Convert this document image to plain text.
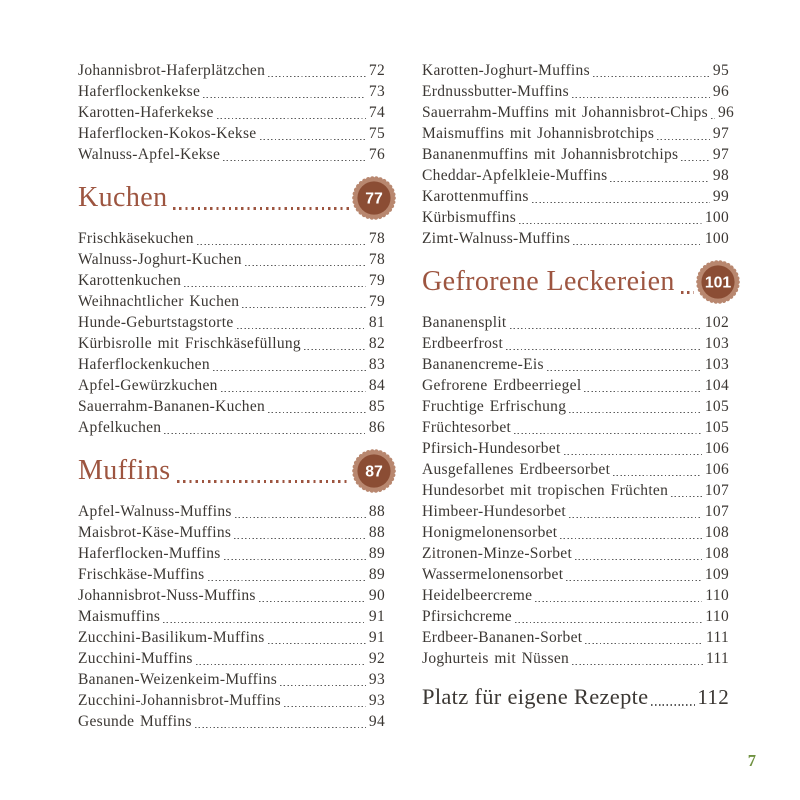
Johannisbrot-Haferplätzchen	72
Haferflockenkekse	73
Karotten-Haferkekse	74
Haferflocken-Kokos-Kekse	75
Walnuss-Apfel-Kekse	76
Kuchen	77
Frischkäsekuchen	78
Walnuss-Joghurt-Kuchen	78
Karottenkuchen	79
Weihnachtlicher Kuchen	79
Hunde-Geburtstagstorte	81
Kürbisrolle mit Frischkäsefüllung	82
Haferflockenkuchen	83
Apfel-Gewürzkuchen	84
Sauerrahm-Bananen-Kuchen	85
Apfelkuchen	86
Muffins	87
Apfel-Walnuss-Muffins	88
Maisbrot-Käse-Muffins	88
Haferflocken-Muffins	89
Frischkäse-Muffins	89
Johannisbrot-Nuss-Muffins	90
Maismuffins	91
Zucchini-Basilikum-Muffins	91
Zucchini-Muffins	92
Bananen-Weizenkeim-Muffins	93
Zucchini-Johannisbrot-Muffins	93
Gesunde Muffins	94
Karotten-Joghurt-Muffins	95
Erdnussbutter-Muffins	96
Sauerrahm-Muffins mit Johannisbrot-Chips 96
Maismuffins mit Johannisbrotchips	97
Bananenmuffins mit Johannisbrotchips 97
Cheddar-Apfelkleie-Muffins	98
Karottenmuffins	99
Kürbismuffins	100
Zimt-Walnuss-Muffins	100
Gefrorene Leckereien 101
Bananensplit	102
Erdbeerfrost	103
Bananencreme-Eis	103
Gefrorene Erdbeerriegel	104
Fruchtige Erfrischung	105
Früchtesorbet	105
Pfirsich-Hundesorbet	106
Ausgefallenes Erdbeersorbet	106
Hundesorbet mit tropischen Früchten 107
Himbeer-Hundesorbet	107
Honigmelonensorbet	108
Zitronen-Minze-Sorbet	108
Wassermelonensorbet	109
Heidelbeercreme	110
Pfirsichcreme	110
Erdbeer-Bananen-Sorbet	111
Joghurteis mit Nüssen	111
Platz für eigene Rezepte 112
7
